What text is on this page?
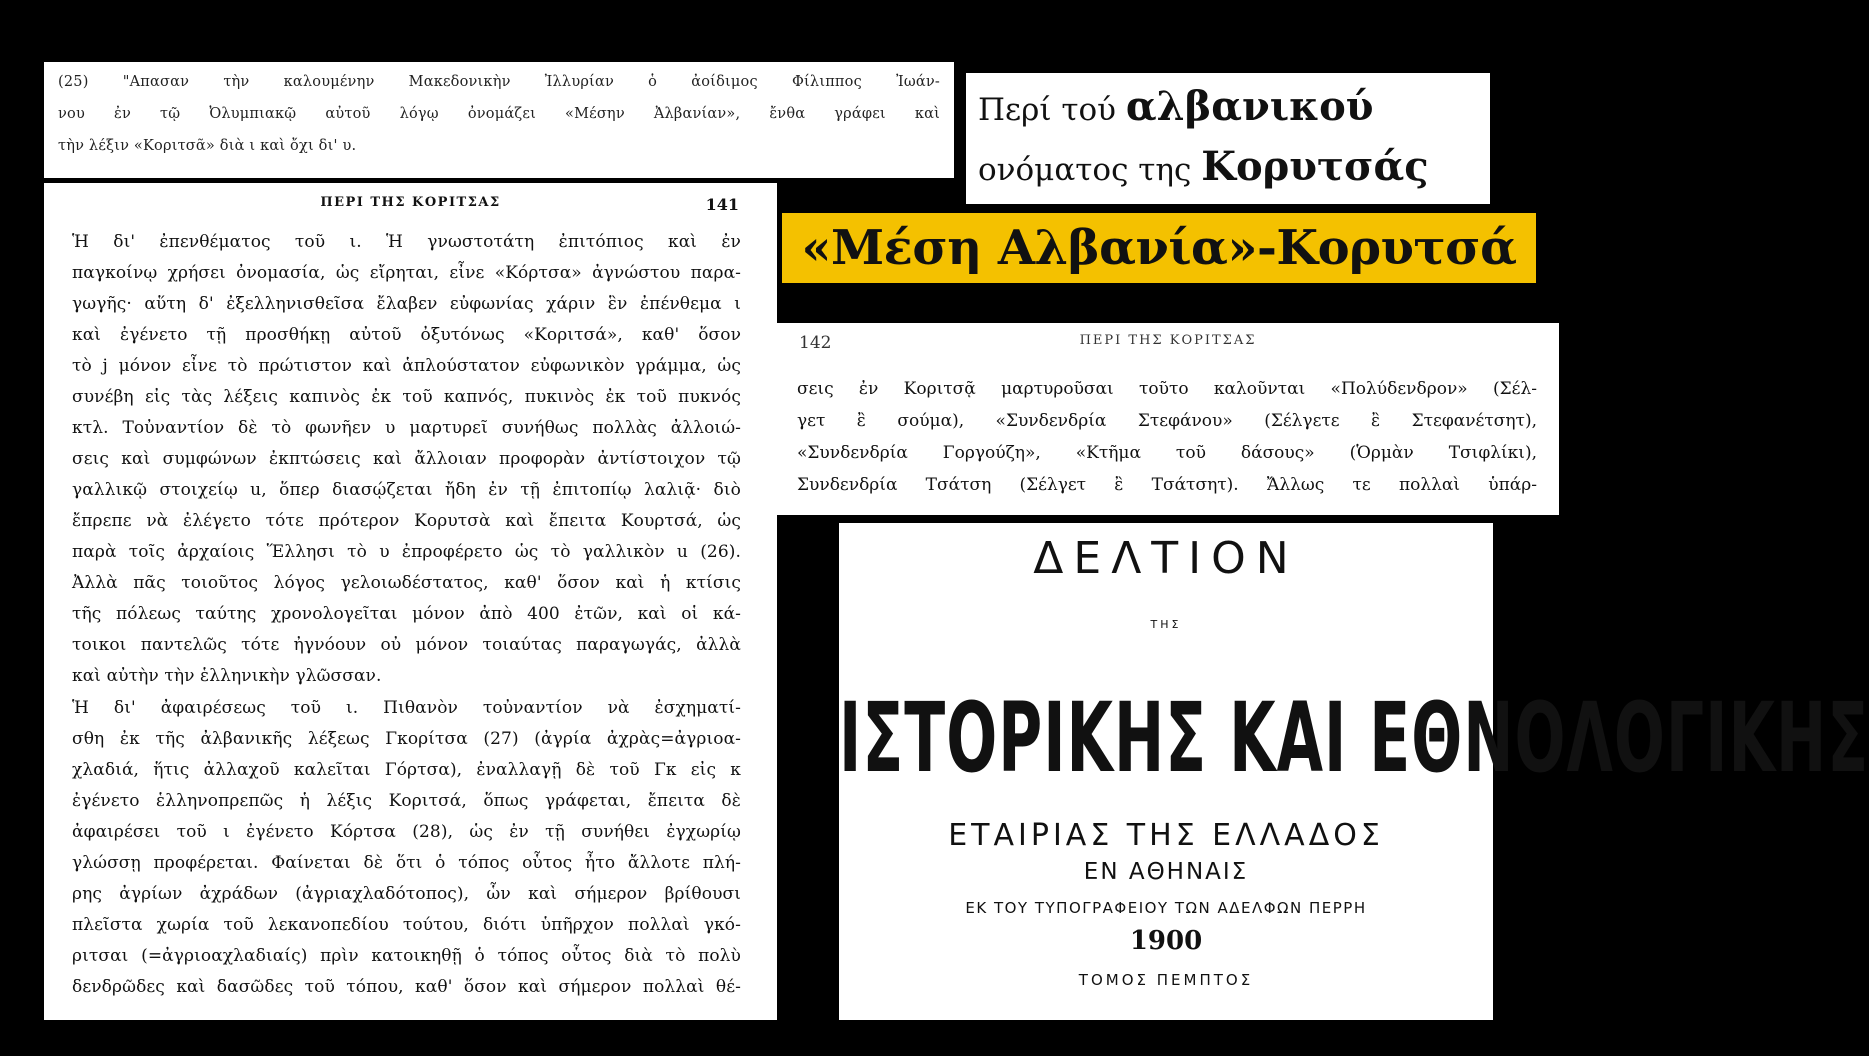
(25) "Απασαν τὴν καλουμένην Μακεδονικὴν Ἰλλυρίαν ὁ ἀοίδιμος Φίλιππος Ἰωάν-
νου ἐν τῷ Ὀλυμπιακῷ αὐτοῦ λόγῳ ὀνομάζει «Μέσην Ἀλβανίαν», ἔνθα γράφει καὶ
τὴν λέξιν «Κοριτσᾶ» διὰ ι καὶ ὄχι δι' υ.
Περί τού αλβανικού
ονόματος της Κορυτσάς
«Μέση Αλβανία»-Κορυτσά
ΠΕΡΙ ΤΗΣ ΚΟΡΙΤΣΑΣ	141
Ἡ δι' ἐπενθέματος τοῦ ι. Ἡ γνωστοτάτη ἐπιτόπιος καὶ ἐν
παγκοίνῳ χρήσει ὀνομασία, ὡς εἴρηται, εἶνε «Κόρτσα» ἀγνώστου παρα-
γωγῆς· αὕτη δ' ἐξελληνισθεῖσα ἔλαβεν εὐφωνίας χάριν ἓν ἐπένθεμα ι
καὶ ἐγένετο τῇ προσθήκῃ αὐτοῦ ὀξυτόνως «Κοριτσά», καθ' ὅσον
τὸ j μόνον εἶνε τὸ πρώτιστον καὶ ἁπλούστατον εὐφωνικὸν γράμμα, ὡς
συνέβη εἰς τὰς λέξεις καπινὸς ἐκ τοῦ καπνός, πυκινὸς ἐκ τοῦ πυκνός
κτλ. Τοὐναντίον δὲ τὸ φωνῆεν υ μαρτυρεῖ συνήθως πολλὰς ἀλλοιώ-
σεις καὶ συμφώνων ἐκπτώσεις καὶ ἄλλοιαν προφορὰν ἀντίστοιχον τῷ
γαλλικῷ στοιχείῳ u, ὅπερ διασῴζεται ἤδη ἐν τῇ ἐπιτοπίῳ λαλιᾷ· διὸ
ἔπρεπε νὰ ἐλέγετο τότε πρότερον Κορυτσὰ καὶ ἔπειτα Κουρτσά, ὡς
παρὰ τοῖς ἀρχαίοις Ἕλλησι τὸ υ ἐπροφέρετο ὡς τὸ γαλλικὸν u (26).
Ἀλλὰ πᾶς τοιοῦτος λόγος γελοιωδέστατος, καθ' ὅσον καὶ ἡ κτίσις
τῆς πόλεως ταύτης χρονολογεῖται μόνον ἀπὸ 400 ἐτῶν, καὶ οἱ κά-
τοικοι παντελῶς τότε ἠγνόουν οὐ μόνον τοιαύτας παραγωγάς, ἀλλὰ
καὶ αὐτὴν τὴν ἑλληνικὴν γλῶσσαν.
Ἡ δι' ἀφαιρέσεως τοῦ ι. Πιθανὸν τοὐναντίον νὰ ἐσχηματί-
σθη ἐκ τῆς ἀλβανικῆς λέξεως Γκορίτσα (27) (ἀγρία ἀχρὰς=ἀγριοα-
χλαδιά, ἥτις ἀλλαχοῦ καλεῖται Γόρτσα), ἐναλλαγῇ δὲ τοῦ Γκ εἰς κ
ἐγένετο ἑλληνοπρεπῶς ἡ λέξις Κοριτσά, ὅπως γράφεται, ἔπειτα δὲ
ἀφαιρέσει τοῦ ι ἐγένετο Κόρτσα (28), ὡς ἐν τῇ συνήθει ἐγχωρίῳ
γλώσσῃ προφέρεται. Φαίνεται δὲ ὅτι ὁ τόπος οὗτος ἦτο ἄλλοτε πλή-
ρης ἀγρίων ἀχράδων (ἀγριαχλαδότοπος), ὧν καὶ σήμερον βρίθουσι
πλεῖστα χωρία τοῦ λεκανοπεδίου τούτου, διότι ὑπῆρχον πολλαὶ γκό-
ριτσαι (=ἀγριοαχλαδιαίς) πρὶν κατοικηθῇ ὁ τόπος οὗτος διὰ τὸ πολὺ
δενδρῶδες καὶ δασῶδες τοῦ τόπου, καθ' ὅσον καὶ σήμερον πολλαὶ θέ-
142	ΠΕΡΙ ΤΗΣ ΚΟΡΙΤΣΑΣ
σεις ἐν Κοριτσᾷ μαρτυροῦσαι τοῦτο καλοῦνται «Πολύδενδρον» (Σέλ-
γετ ἒ σούμα), «Συνδενδρία Στεφάνου» (Σέλγετε ἒ Στεφανέτσητ),
«Συνδενδρία Γοργούζη», «Κτῆμα τοῦ δάσους» (Ὁρμὰν Τσιφλίκι),
Συνδενδρία Τσάτση (Σέλγετ ἒ Τσάτσητ). Ἄλλως τε πολλαὶ ὑπάρ-
ΔΕΛΤΙΟΝ
ΤΗΣ
ΙΣΤΟΡΙΚΗΣ ΚΑΙ ΕΘΝΟΛΟΓΙΚΗΣ
ΕΤΑΙΡΙΑΣ ΤΗΣ ΕΛΛΑΔΟΣ
ΕΝ ΑΘΗΝΑΙΣ
ΕΚ ΤΟΥ ΤΥΠΟΓΡΑΦΕΙΟΥ ΤΩΝ ΑΔΕΛΦΩΝ ΠΕΡΡΗ
1900
ΤΟΜΟΣ ΠΕΜΠΤΟΣ
